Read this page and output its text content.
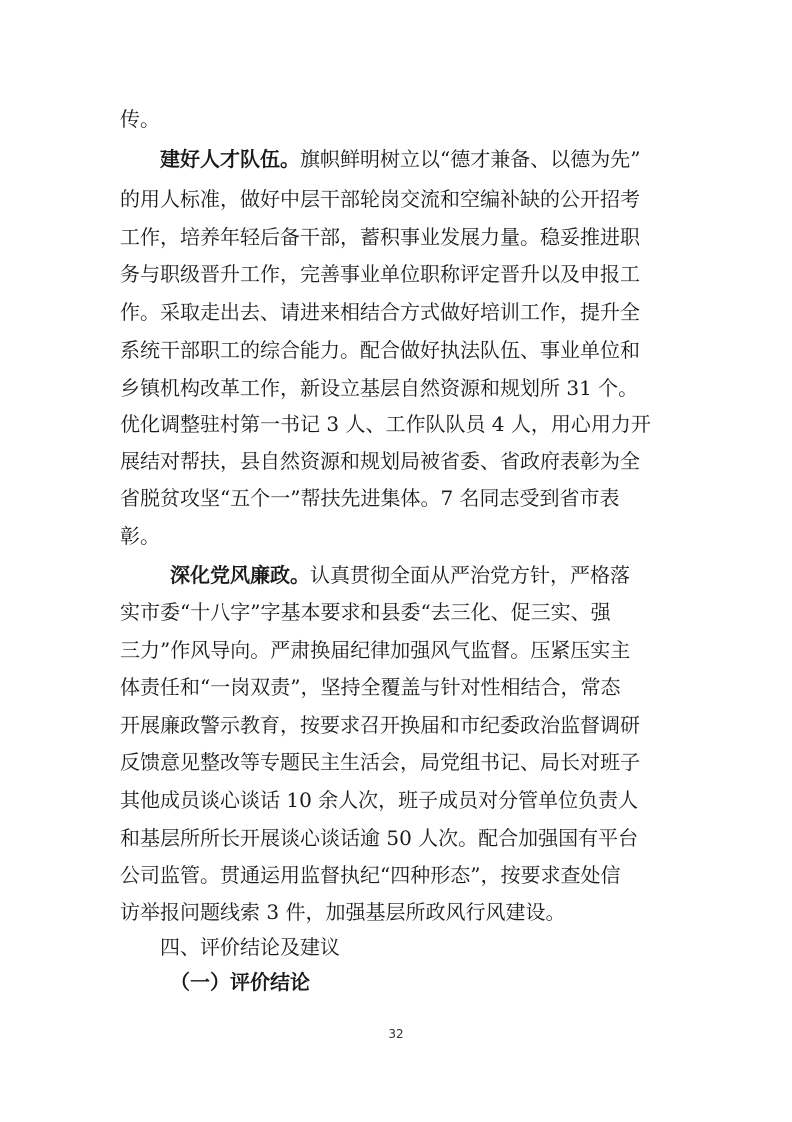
传。
建好人才队伍。旗帜鲜明树立以“德才兼备、以德为先”
的用人标准，做好中层干部轮岗交流和空编补缺的公开招考
工作，培养年轻后备干部，蓄积事业发展力量。稳妥推进职
务与职级晋升工作，完善事业单位职称评定晋升以及申报工
作。采取走出去、请进来相结合方式做好培训工作，提升全
系统干部职工的综合能力。配合做好执法队伍、事业单位和
乡镇机构改革工作，新设立基层自然资源和规划所 31 个。
优化调整驻村第一书记 3 人、工作队队员 4 人，用心用力开
展结对帮扶，县自然资源和规划局被省委、省政府表彰为全
省脱贫攻坚“五个一”帮扶先进集体。7 名同志受到省市表
彰。
深化党风廉政。认真贯彻全面从严治党方针，严格落
实市委“十八字”字基本要求和县委“去三化、促三实、强
三力”作风导向。严肃换届纪律加强风气监督。压紧压实主
体责任和“一岗双责”，坚持全覆盖与针对性相结合，常态
开展廉政警示教育，按要求召开换届和市纪委政治监督调研
反馈意见整改等专题民主生活会，局党组书记、局长对班子
其他成员谈心谈话 10 余人次，班子成员对分管单位负责人
和基层所所长开展谈心谈话逾 50 人次。配合加强国有平台
公司监管。贯通运用监督执纪“四种形态”，按要求查处信
访举报问题线索 3 件，加强基层所政风行风建设。
四、评价结论及建议
（一）评价结论
32
